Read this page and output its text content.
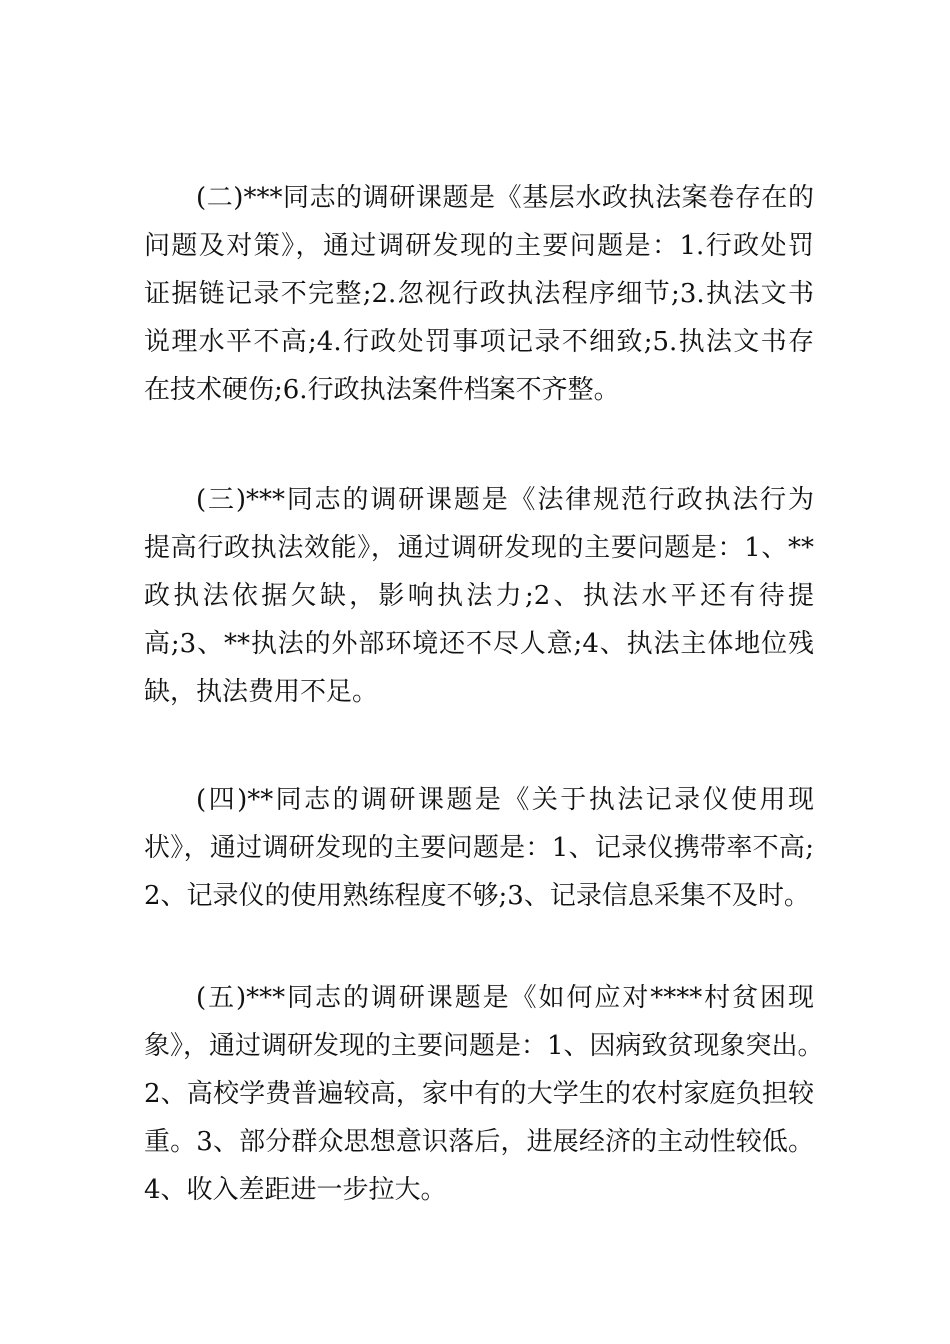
(二)***同志的调研课题是《基层水政执法案卷存在的
问题及对策》，通过调研发现的主要问题是：1.行政处罚
证据链记录不完整;2.忽视行政执法程序细节;3.执法文书
说理水平不高;4.行政处罚事项记录不细致;5.执法文书存
在技术硬伤;6.行政执法案件档案不齐整。
(三)***同志的调研课题是《法律规范行政执法行为
提高行政执法效能》，通过调研发现的主要问题是：1、**
政执法依据欠缺，影响执法力;2、执法水平还有待提
高;3、**执法的外部环境还不尽人意;4、执法主体地位残
缺，执法费用不足。
(四)**同志的调研课题是《关于执法记录仪使用现
状》，通过调研发现的主要问题是：1、记录仪携带率不高;
2、记录仪的使用熟练程度不够;3、记录信息采集不及时。
(五)***同志的调研课题是《如何应对****村贫困现
象》，通过调研发现的主要问题是：1、因病致贫现象突出。
2、高校学费普遍较高，家中有的大学生的农村家庭负担较
重。3、部分群众思想意识落后，进展经济的主动性较低。
4、收入差距进一步拉大。
